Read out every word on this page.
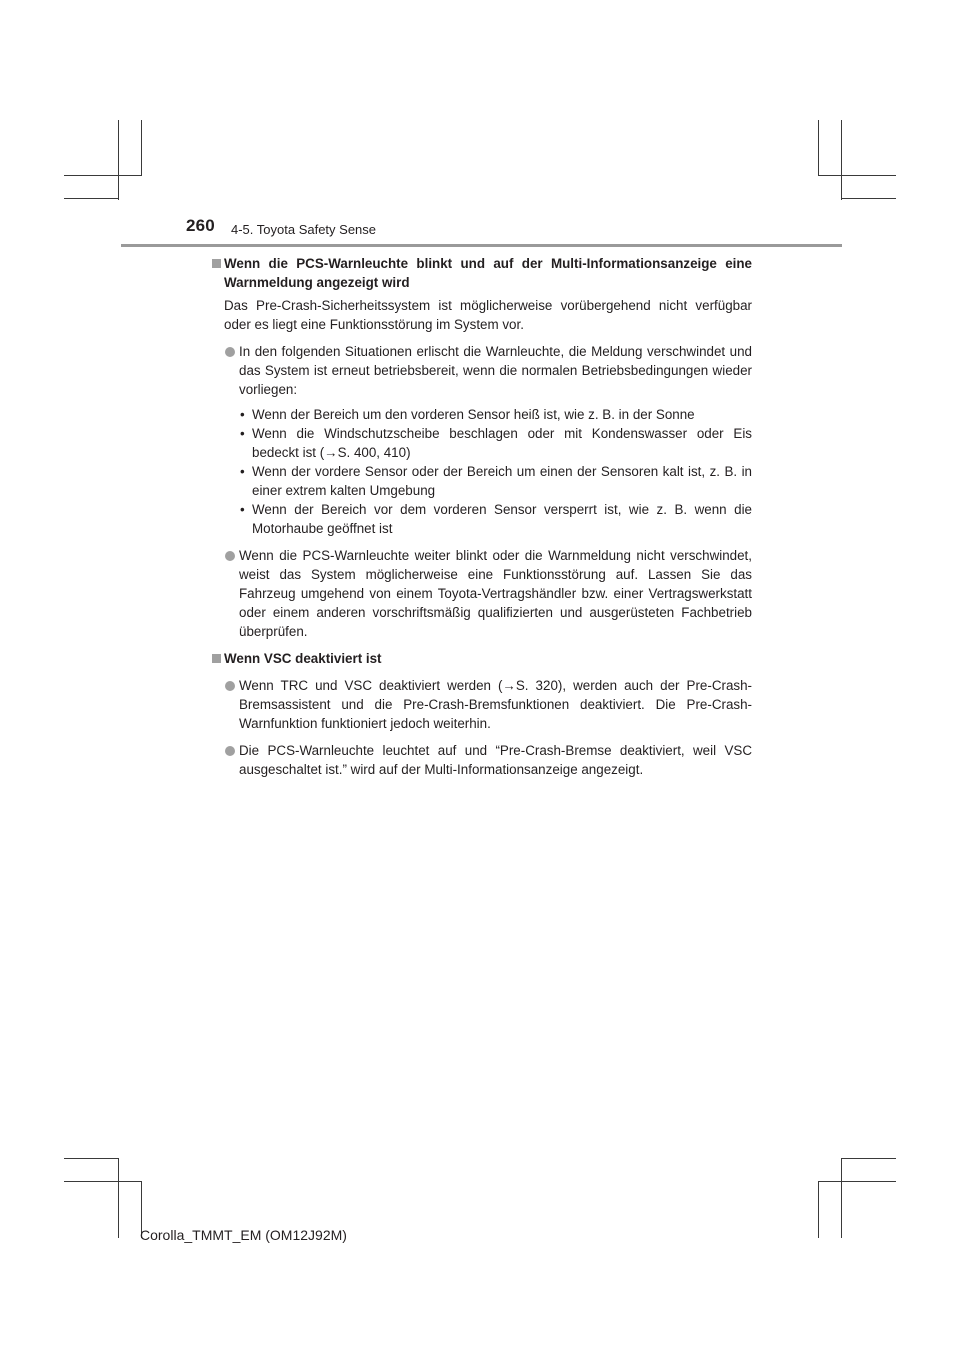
260 4-5. Toyota Safety Sense
Wenn die PCS-Warnleuchte blinkt und auf der Multi-Informationsanzeige eine Warnmeldung angezeigt wird
Das Pre-Crash-Sicherheitssystem ist möglicherweise vorübergehend nicht verfügbar oder es liegt eine Funktionsstörung im System vor.
In den folgenden Situationen erlischt die Warnleuchte, die Meldung verschwindet und das System ist erneut betriebsbereit, wenn die normalen Betriebsbedingungen wieder vorliegen:
• Wenn der Bereich um den vorderen Sensor heiß ist, wie z. B. in der Sonne
• Wenn die Windschutzscheibe beschlagen oder mit Kondenswasser oder Eis bedeckt ist (→S. 400, 410)
• Wenn der vordere Sensor oder der Bereich um einen der Sensoren kalt ist, z. B. in einer extrem kalten Umgebung
• Wenn der Bereich vor dem vorderen Sensor versperrt ist, wie z. B. wenn die Motorhaube geöffnet ist
Wenn die PCS-Warnleuchte weiter blinkt oder die Warnmeldung nicht verschwindet, weist das System möglicherweise eine Funktionsstörung auf. Lassen Sie das Fahrzeug umgehend von einem Toyota-Vertragshändler bzw. einer Vertragswerkstatt oder einem anderen vorschriftsmäßig qualifizierten und ausgerüsteten Fachbetrieb überprüfen.
Wenn VSC deaktiviert ist
Wenn TRC und VSC deaktiviert werden (→S. 320), werden auch der Pre-Crash-Bremsassistent und die Pre-Crash-Bremsfunktionen deaktiviert. Die Pre-Crash-Warnfunktion funktioniert jedoch weiterhin.
Die PCS-Warnleuchte leuchtet auf und “Pre-Crash-Bremse deaktiviert, weil VSC ausgeschaltet ist.” wird auf der Multi-Informationsanzeige angezeigt.
Corolla_TMMT_EM (OM12J92M)
